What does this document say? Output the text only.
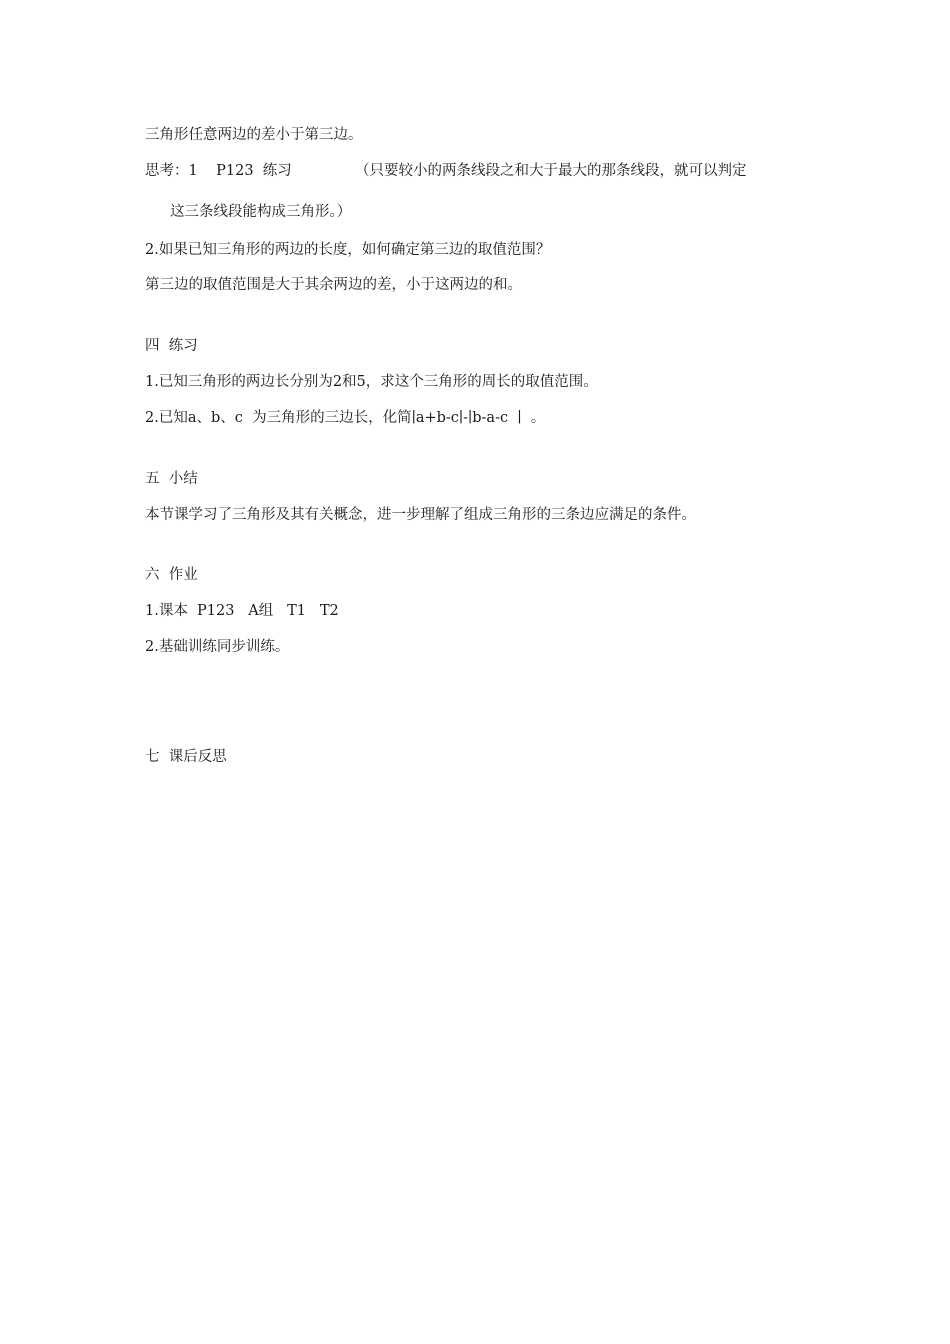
三角形任意两边的差小于第三边。
思考：1    P123  练习	（只要较小的两条线段之和大于最大的那条线段，就可以判定
这三条线段能构成三角形。）
2.如果已知三角形的两边的长度，如何确定第三边的取值范围？
第三边的取值范围是大于其余两边的差，小于这两边的和。
四  练习
1.已知三角形的两边长分别为2和5，求这个三角形的周长的取值范围。
2.已知a、b、c  为三角形的三边长，化简∣a+b-c∣-∣b-a-c  ∣  。
五  小结
本节课学习了三角形及其有关概念，进一步理解了组成三角形的三条边应满足的条件。
六  作业
1.课本  P123   A组   T1   T2
2.基础训练同步训练。
七  课后反思
